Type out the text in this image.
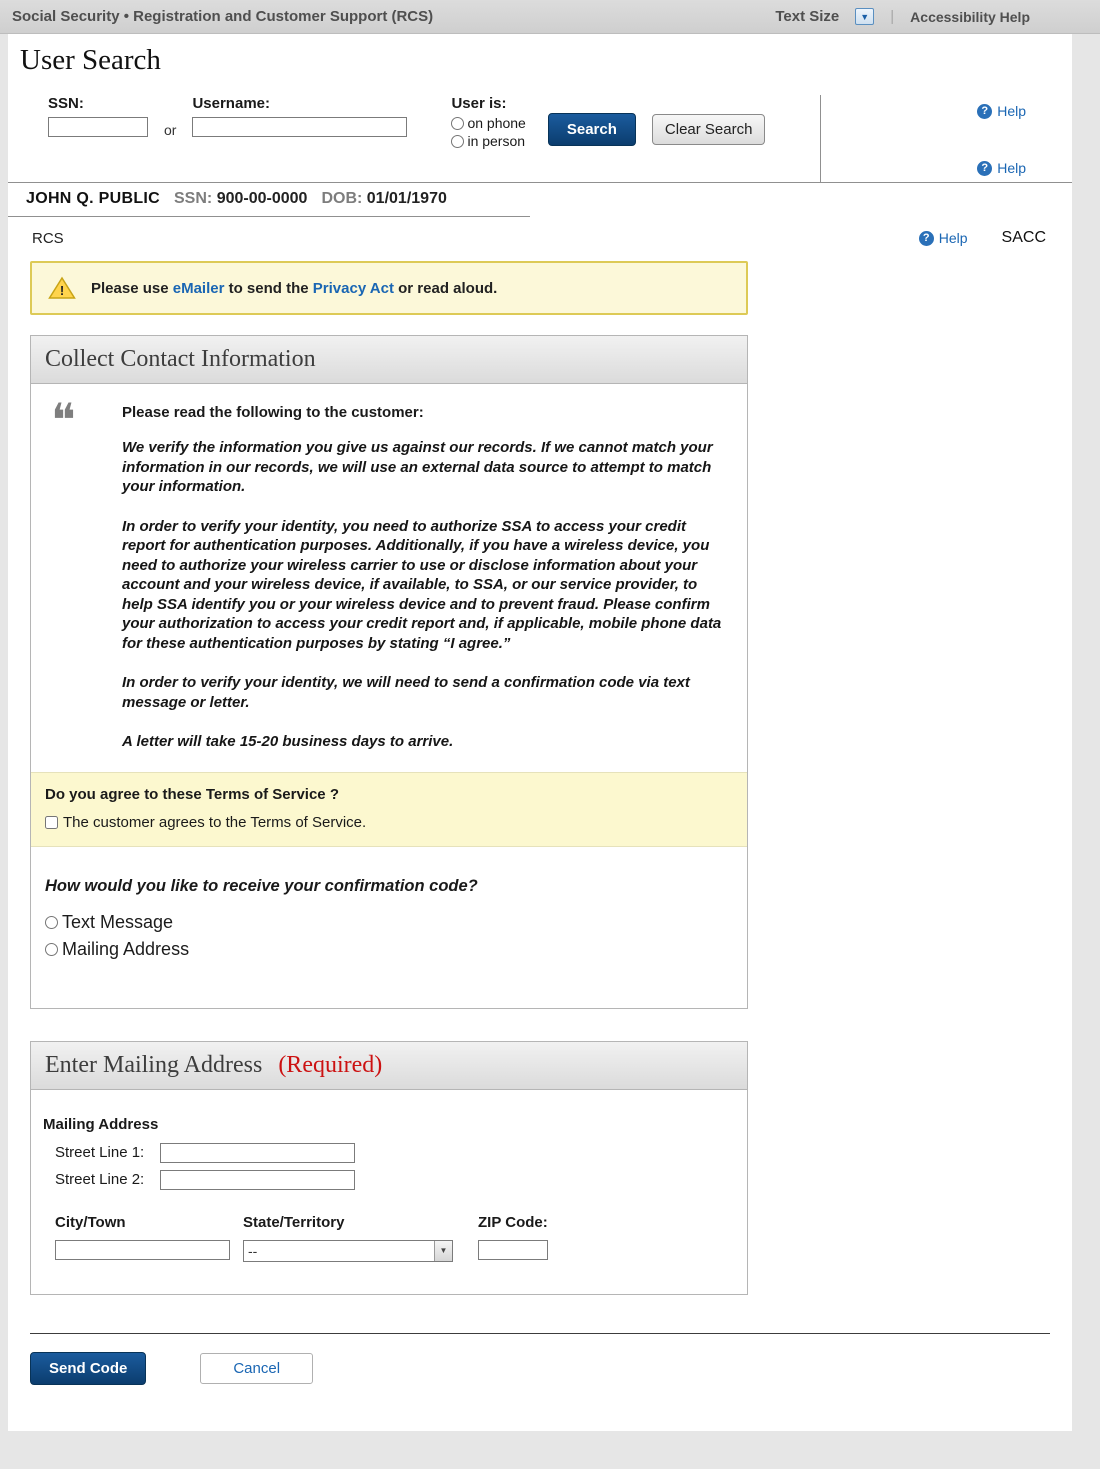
Social Security • Registration and Customer Support (RCS)	Text Size ▼ | Accessibility Help
User Search
SSN:
or
Username:	User is:
on phone
in person
Search	Clear Search
? Help
? Help
JOHN Q. PUBLIC SSN: 900-00-0000 DOB: 01/01/1970
RCS	? Help SACC
! Please use eMailer to send the Privacy Act or read aloud.
Collect Contact Information
❝	Please read the following to the customer:

We verify the information you give us against our records. If we cannot match your information in our records, we will use an external data source to attempt to match your information.

In order to verify your identity, you need to authorize SSA to access your credit report for authentication purposes. Additionally, if you have a wireless device, you need to authorize your wireless carrier to use or disclose information about your account and your wireless device, if available, to SSA, or our service provider, to help SSA identify you or your wireless device and to prevent fraud. Please confirm your authorization to access your credit report and, if applicable, mobile phone data for these authentication purposes by stating “I agree.”

In order to verify your identity, we will need to send a confirmation code via text message or letter.

A letter will take 15-20 business days to arrive.

Do you agree to these Terms of Service ?
The customer agrees to the Terms of Service.
How would you like to receive your confirmation code?
Text Message
Mailing Address
Enter Mailing Address (Required)
Mailing Address
Street Line 1:
Street Line 2:
City/Town	State/Territory
--	▼
ZIP Code:
Send Code	Cancel
